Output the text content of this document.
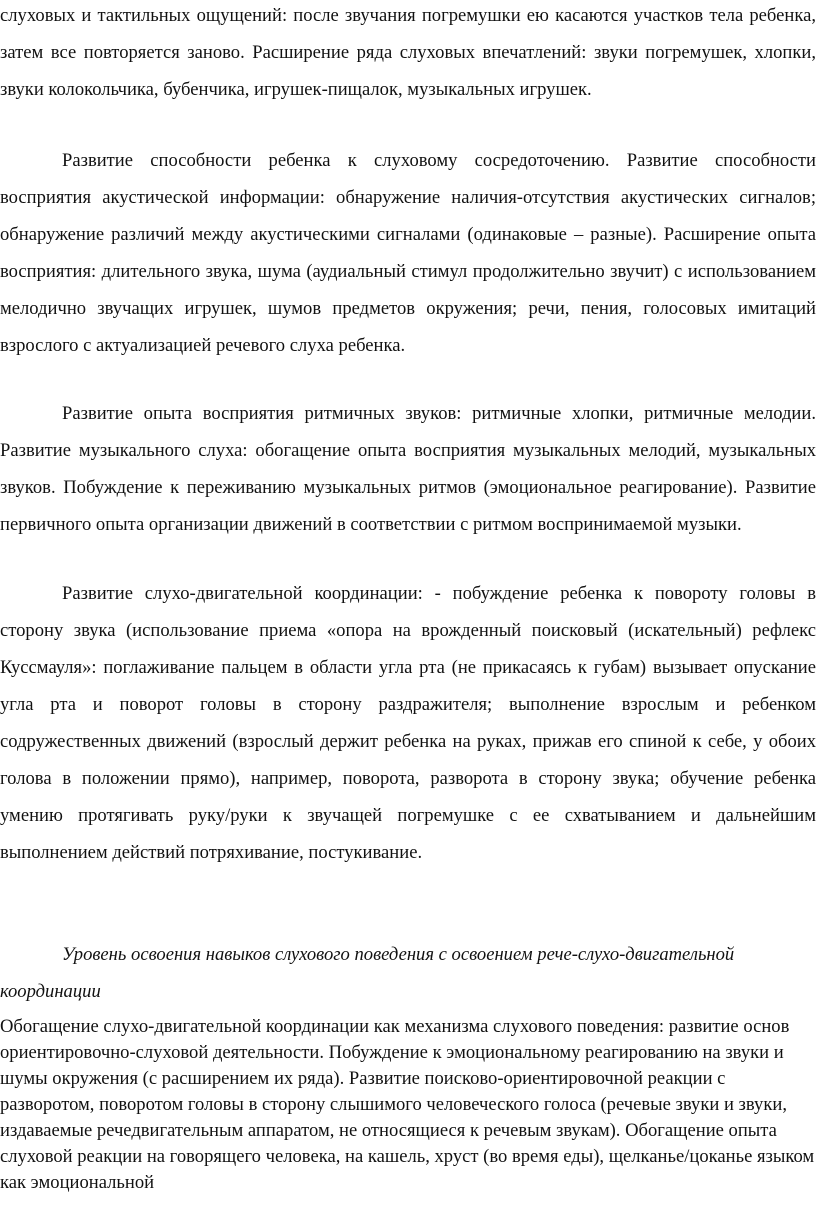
слуховых и тактильных ощущений: после звучания погремушки ею касаются участков тела ребенка, затем все повторяется заново. Расширение ряда слуховых впечатлений: звуки погремушек, хлопки, звуки колокольчика, бубенчика, игрушек-пищалок, музыкальных игрушек.

Развитие способности ребенка к слуховому сосредоточению. Развитие способности восприятия акустической информации: обнаружение наличия-отсутствия акустических сигналов; обнаружение различий между акустическими сигналами (одинаковые – разные). Расширение опыта восприятия: длительного звука, шума (аудиальный стимул продолжительно звучит) с использованием мелодично звучащих игрушек, шумов предметов окружения; речи, пения, голосовых имитаций взрослого с актуализацией речевого слуха ребенка.

Развитие опыта восприятия ритмичных звуков: ритмичные хлопки, ритмичные мелодии. Развитие музыкального слуха: обогащение опыта восприятия музыкальных мелодий, музыкальных звуков. Побуждение к переживанию музыкальных ритмов (эмоциональное реагирование). Развитие первичного опыта организации движений в соответствии с ритмом воспринимаемой музыки.

Развитие слухо-двигательной координации: - побуждение ребенка к повороту головы в сторону звука (использование приема «опора на врожденный поисковый (искательный) рефлекс Куссмауля»: поглаживание пальцем в области угла рта (не прикасаясь к губам) вызывает опускание угла рта и поворот головы в сторону раздражителя; выполнение взрослым и ребенком содружественных движений (взрослый держит ребенка на руках, прижав его спиной к себе, у обоих голова в положении прямо), например, поворота, разворота в сторону звука; обучение ребенка умению протягивать руку/руки к звучащей погремушке с ее схватыванием и дальнейшим выполнением действий потряхивание, постукивание.

Уровень освоения навыков слухового поведения с освоением рече-слухо-двигательной координации

Обогащение слухо-двигательной координации как механизма слухового поведения: развитие основ ориентировочно-слуховой деятельности. Побуждение к эмоциональному реагированию на звуки и шумы окружения (с расширением их ряда). Развитие поисково-ориентировочной реакции с разворотом, поворотом головы в сторону слышимого человеческого голоса (речевые звуки и звуки, издаваемые речедвигательным аппаратом, не относящиеся к речевым звукам). Обогащение опыта слуховой реакции на говорящего человека, на кашель, хруст (во время еды), щелканье/цоканье языком как эмоциональной
